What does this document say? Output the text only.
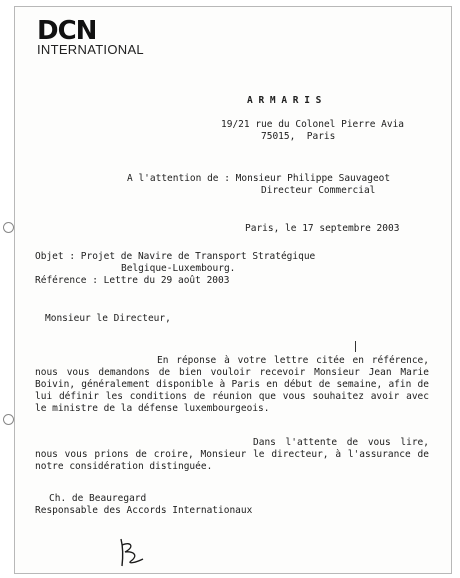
DCN
INTERNATIONAL
A R M A R I S
19/21 rue du Colonel Pierre Avia
75015,  Paris
A l'attention de : Monsieur Philippe Sauvageot
Directeur Commercial
Paris, le 17 septembre 2003
Objet : Projet de Navire de Transport Stratégique
Belgique-Luxembourg.
Référence : Lettre du 29 août 2003
Monsieur le Directeur,
En réponse à votre lettre citée en référence, nous vous demandons de bien vouloir recevoir Monsieur Jean Marie Boivin, généralement disponible à Paris en début de semaine, afin de lui définir les conditions de réunion que vous souhaitez avoir avec le ministre de la défense luxembourgeois.
Dans l'attente de vous lire, nous vous prions de croire, Monsieur le directeur, à l'assurance de notre considération distinguée.
Ch. de Beauregard
Responsable des Accords Internationaux
